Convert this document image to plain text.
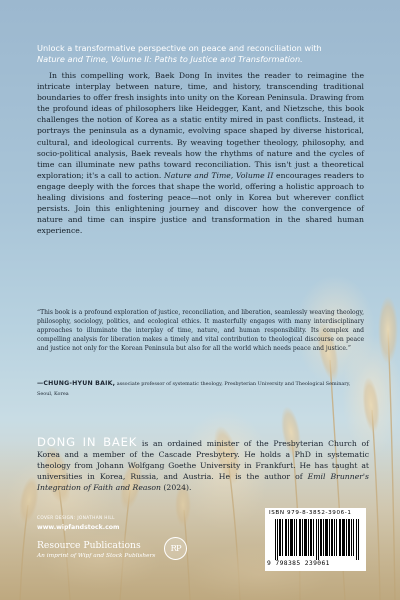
Unlock a transformative perspective on peace and reconciliation with
Nature and Time, Volume II: Paths to Justice and Transformation.

In this compelling work, Baek Dong In invites the reader to reimagine the intricate interplay between nature, time, and history, transcending traditional boundaries to offer fresh insights into unity on the Korean Peninsula. Drawing from the profound ideas of philosophers like Heidegger, Kant, and Nietzsche, this book challenges the notion of Korea as a static entity mired in past conflicts. Instead, it portrays the peninsula as a dynamic, evolving space shaped by diverse historical, cultural, and ideological currents. By weaving together theology, philosophy, and socio-political analysis, Baek reveals how the rhythms of nature and the cycles of time can illuminate new paths toward reconciliation. This isn't just a theoretical exploration; it's a call to action. Nature and Time, Volume II encourages readers to engage deeply with the forces that shape the world, offering a holistic approach to healing divisions and fostering peace—not only in Korea but wherever conflict persists. Join this enlightening journey and discover how the convergence of nature and time can inspire justice and transformation in the shared human experience.

“This book is a profound exploration of justice, reconciliation, and liberation, seamlessly weaving theology, philosophy, sociology, politics, and ecological ethics. It masterfully engages with many interdisciplinary approaches to illuminate the interplay of time, nature, and human responsibility. Its complex and compelling analysis for liberation makes a timely and vital contribution to theological discourse on peace and justice not only for the Korean Peninsula but also for all the world which needs peace and justice.”

—CHUNG-HYUN BAIK, associate professor of systematic theology, Presbyterian University and Theological Seminary, Seoul, Korea

DONG IN BAEK is an ordained minister of the Presbyterian Church of Korea and a member of the Cascade Presbytery. He holds a PhD in systematic theology from Johann Wolfgang Goethe University in Frankfurt. He has taught at universities in Korea, Russia, and Austria. He is the author of Emil Brunner's Integration of Faith and Reason (2024).

COVER DESIGN: JONATHAN HILL
www.wipfandstock.com
Resource Publications
An imprint of Wipf and Stock Publishers
RP
ISBN 979-8-3852-3906-1
9 798385 239061
